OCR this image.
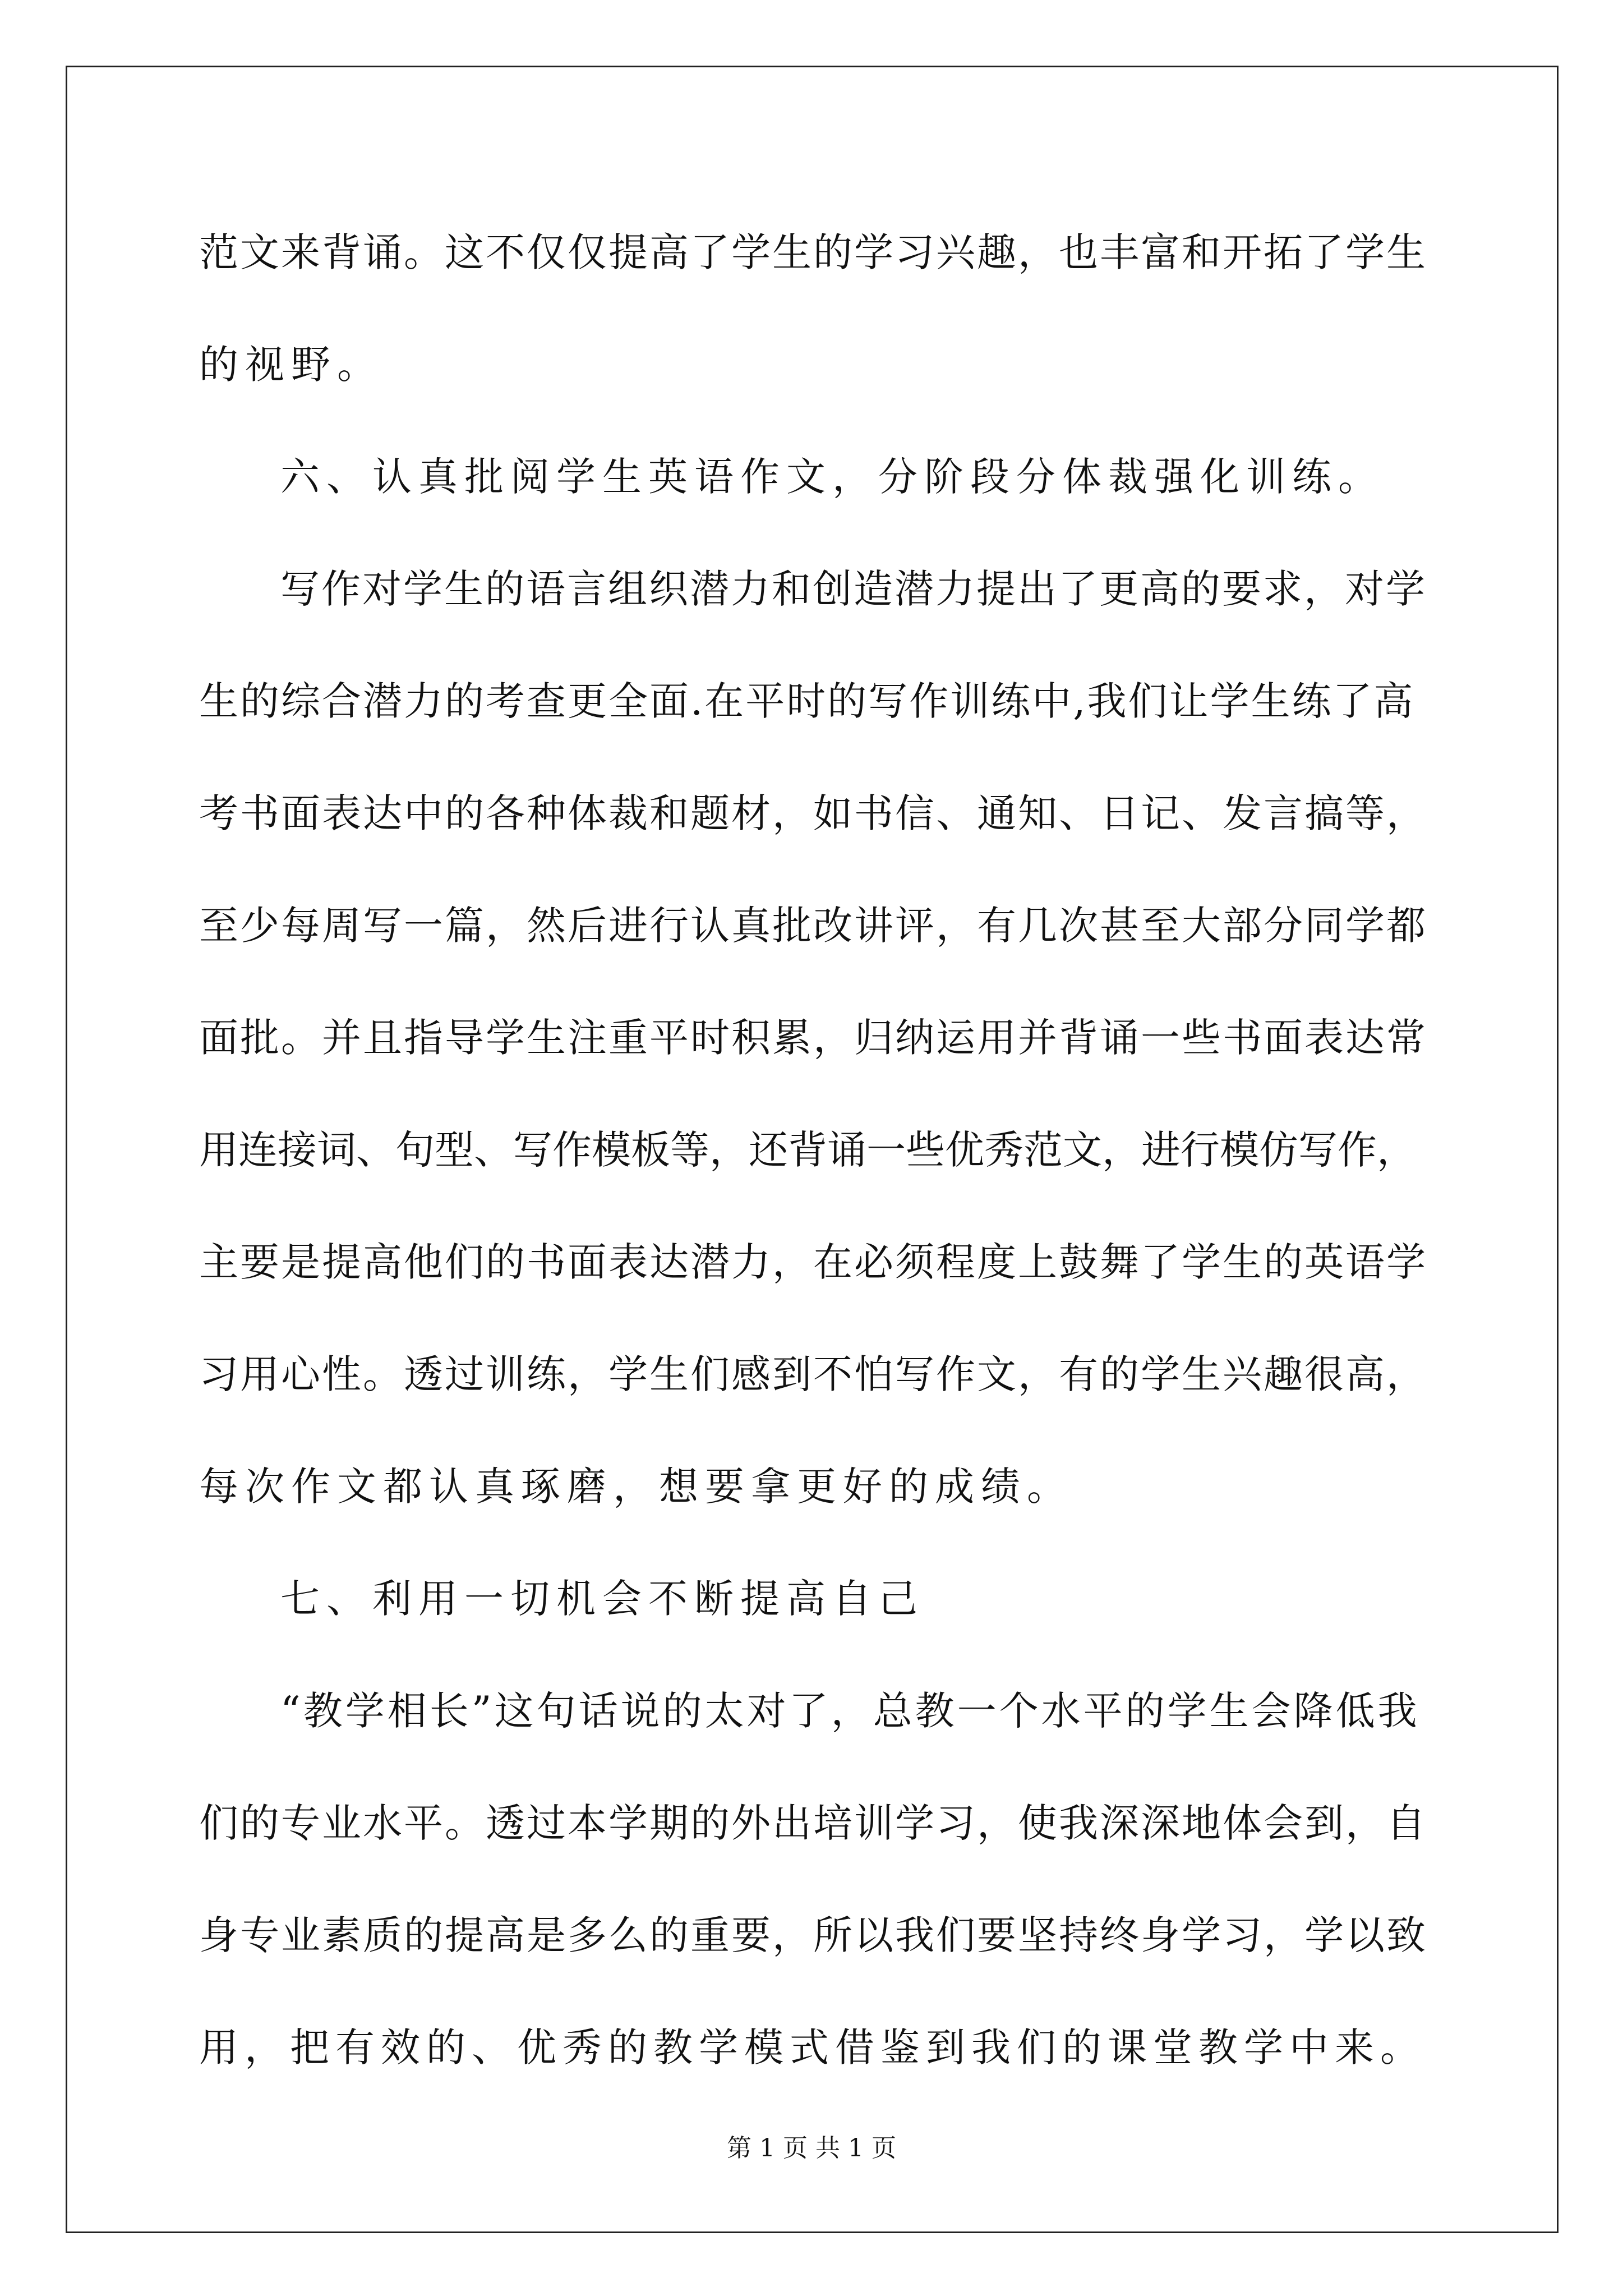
范文来背诵。这不仅仅提高了学生的学习兴趣，也丰富和开拓了学生
的视野。
六、认真批阅学生英语作文，分阶段分体裁强化训练。
写作对学生的语言组织潜力和创造潜力提出了更高的要求，对学
生的综合潜力的考查更全面.在平时的写作训练中,我们让学生练了高
考书面表达中的各种体裁和题材，如书信、通知、日记、发言搞等，
至少每周写一篇，然后进行认真批改讲评，有几次甚至大部分同学都
面批。并且指导学生注重平时积累，归纳运用并背诵一些书面表达常
用连接词、句型、写作模板等，还背诵一些优秀范文，进行模仿写作，
主要是提高他们的书面表达潜力，在必须程度上鼓舞了学生的英语学
习用心性。透过训练，学生们感到不怕写作文，有的学生兴趣很高，
每次作文都认真琢磨，想要拿更好的成绩。
七、利用一切机会不断提高自己
“教学相长”这句话说的太对了，总教一个水平的学生会降低我
们的专业水平。透过本学期的外出培训学习，使我深深地体会到，自
身专业素质的提高是多么的重要，所以我们要坚持终身学习，学以致
用，把有效的、优秀的教学模式借鉴到我们的课堂教学中来。
第 1 页 共 1 页
